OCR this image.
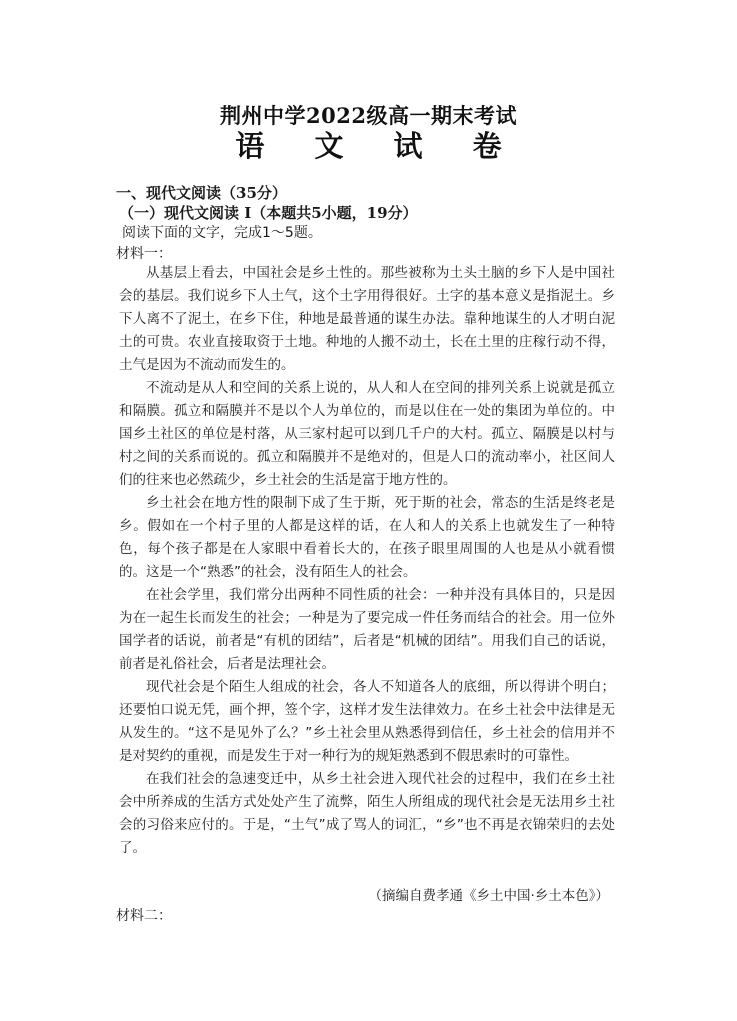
荆州中学2022级高一期末考试
语 文 试 卷
一、现代文阅读（35分）
（一）现代文阅读 I（本题共5小题，19分）
阅读下面的文字，完成1～5题。
材料一：

从基层上看去，中国社会是乡土性的。那些被称为土头土脑的乡下人是中国社会的基层。我们说乡下人土气，这个土字用得很好。土字的基本意义是指泥土。乡下人离不了泥土，在乡下住，种地是最普通的谋生办法。靠种地谋生的人才明白泥土的可贵。农业直接取资于土地。种地的人搬不动土，长在土里的庄稼行动不得，土气是因为不流动而发生的。

不流动是从人和空间的关系上说的，从人和人在空间的排列关系上说就是孤立和隔膜。孤立和隔膜并不是以个人为单位的，而是以住在一处的集团为单位的。中国乡土社区的单位是村落，从三家村起可以到几千户的大村。孤立、隔膜是以村与村之间的关系而说的。孤立和隔膜并不是绝对的，但是人口的流动率小，社区间人们的往来也必然疏少，乡土社会的生活是富于地方性的。

乡土社会在地方性的限制下成了生于斯，死于斯的社会，常态的生活是终老是乡。假如在一个村子里的人都是这样的话，在人和人的关系上也就发生了一种特色，每个孩子都是在人家眼中看着长大的，在孩子眼里周围的人也是从小就看惯的。这是一个“熟悉”的社会，没有陌生人的社会。

在社会学里，我们常分出两种不同性质的社会：一种并没有具体目的，只是因为在一起生长而发生的社会；一种是为了要完成一件任务而结合的社会。用一位外国学者的话说，前者是“有机的团结”，后者是“机械的团结”。用我们自己的话说，前者是礼俗社会，后者是法理社会。

现代社会是个陌生人组成的社会，各人不知道各人的底细，所以得讲个明白；还要怕口说无凭，画个押，签个字，这样才发生法律效力。在乡土社会中法律是无从发生的。“这不是见外了么？”乡土社会里从熟悉得到信任，乡土社会的信用并不是对契约的重视，而是发生于对一种行为的规矩熟悉到不假思索时的可靠性。

在我们社会的急速变迁中，从乡土社会进入现代社会的过程中，我们在乡土社会中所养成的生活方式处处产生了流弊，陌生人所组成的现代社会是无法用乡土社会的习俗来应付的。于是，“土气”成了骂人的词汇，“乡”也不再是衣锦荣归的去处了。

（摘编自费孝通《乡土中国·乡土本色》）
材料二：
